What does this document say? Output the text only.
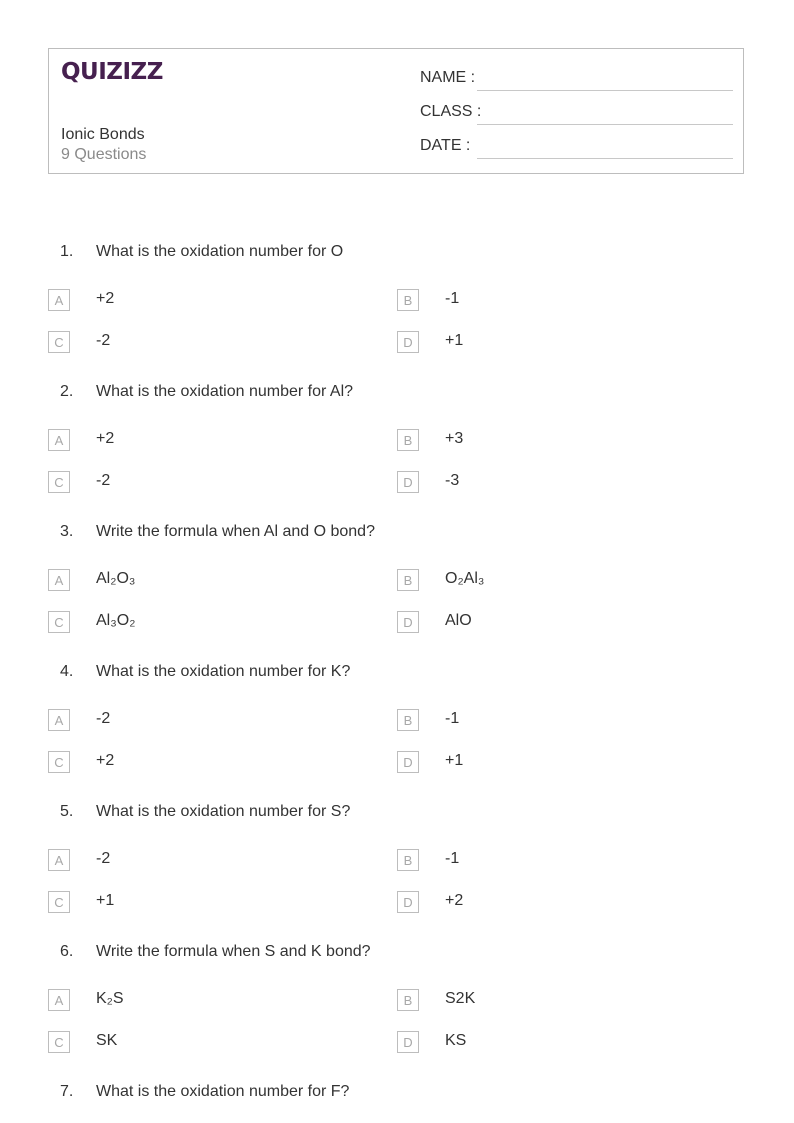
QUIZIZZ
Ionic Bonds
9 Questions
NAME :
CLASS :
DATE :
1. What is the oxidation number for O
A	+2	B	-1
C	-2	D	+1
2. What is the oxidation number for Al?
A	+2	B	+3
C	-2	D	-3
3. Write the formula when Al and O bond?
A	Al₂O₃	B	O₂Al₃
C	Al₃O₂	D	AlO
4. What is the oxidation number for K?
A	-2	B	-1
C	+2	D	+1
5. What is the oxidation number for S?
A	-2	B	-1
C	+1	D	+2
6. Write the formula when S and K bond?
A	K₂S	B	S2K
C	SK	D	KS
7. What is the oxidation number for F?
